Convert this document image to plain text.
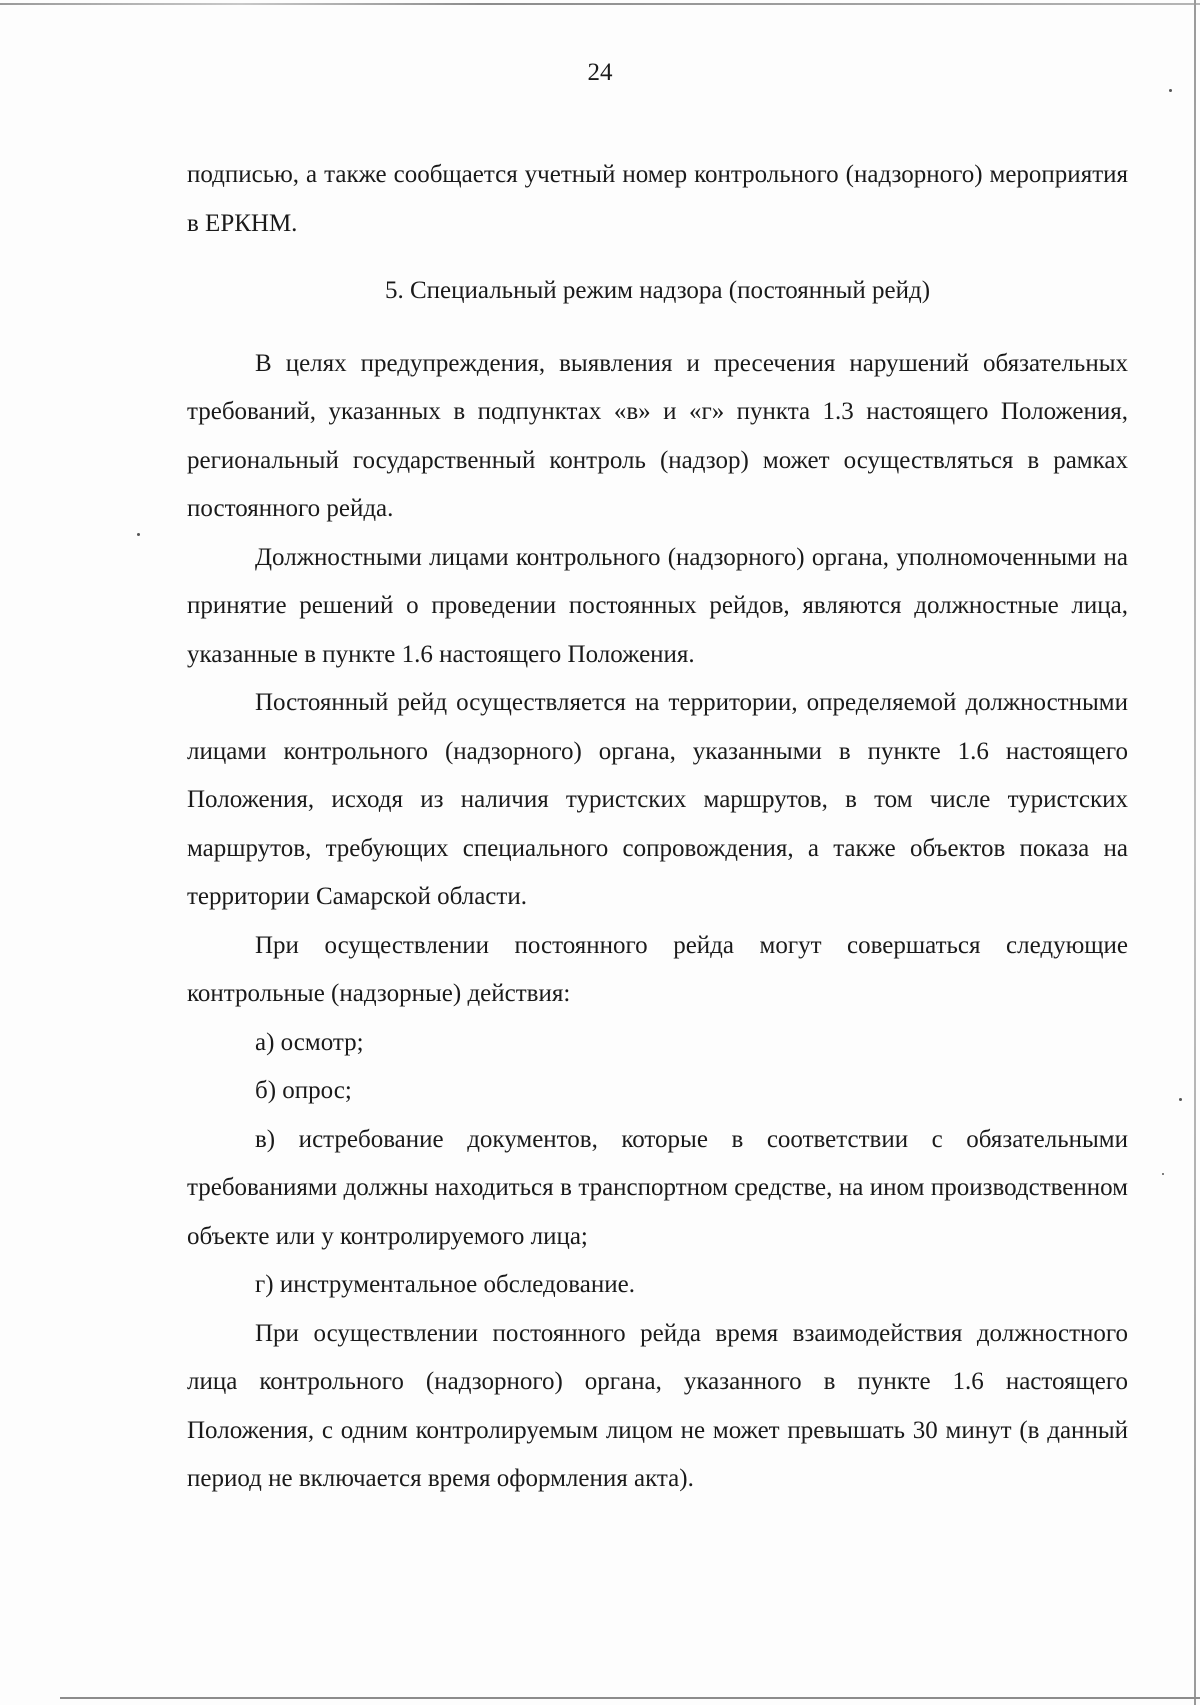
24

подписью, а также сообщается учетный номер контрольного (надзорного) мероприятия в ЕРКНМ.

5. Специальный режим надзора (постоянный рейд)

В целях предупреждения, выявления и пресечения нарушений обязательных требований, указанных в подпунктах «в» и «г» пункта 1.3 настоящего Положения, региональный государственный контроль (надзор) может осуществляться в рамках постоянного рейда.

Должностными лицами контрольного (надзорного) органа, уполномоченными на принятие решений о проведении постоянных рейдов, являются должностные лица, указанные в пункте 1.6 настоящего Положения.

Постоянный рейд осуществляется на территории, определяемой должностными лицами контрольного (надзорного) органа, указанными в пункте 1.6 настоящего Положения, исходя из наличия туристских маршрутов, в том числе туристских маршрутов, требующих специального сопровождения, а также объектов показа на территории Самарской области.

При осуществлении постоянного рейда могут совершаться следующие контрольные (надзорные) действия:

а) осмотр;

б) опрос;

в) истребование документов, которые в соответствии с обязательными требованиями должны находиться в транспортном средстве, на ином производственном объекте или у контролируемого лица;

г) инструментальное обследование.

При осуществлении постоянного рейда время взаимодействия должностного лица контрольного (надзорного) органа, указанного в пункте 1.6 настоящего Положения, с одним контролируемым лицом не может превышать 30 минут (в данный период не включается время оформления акта).
